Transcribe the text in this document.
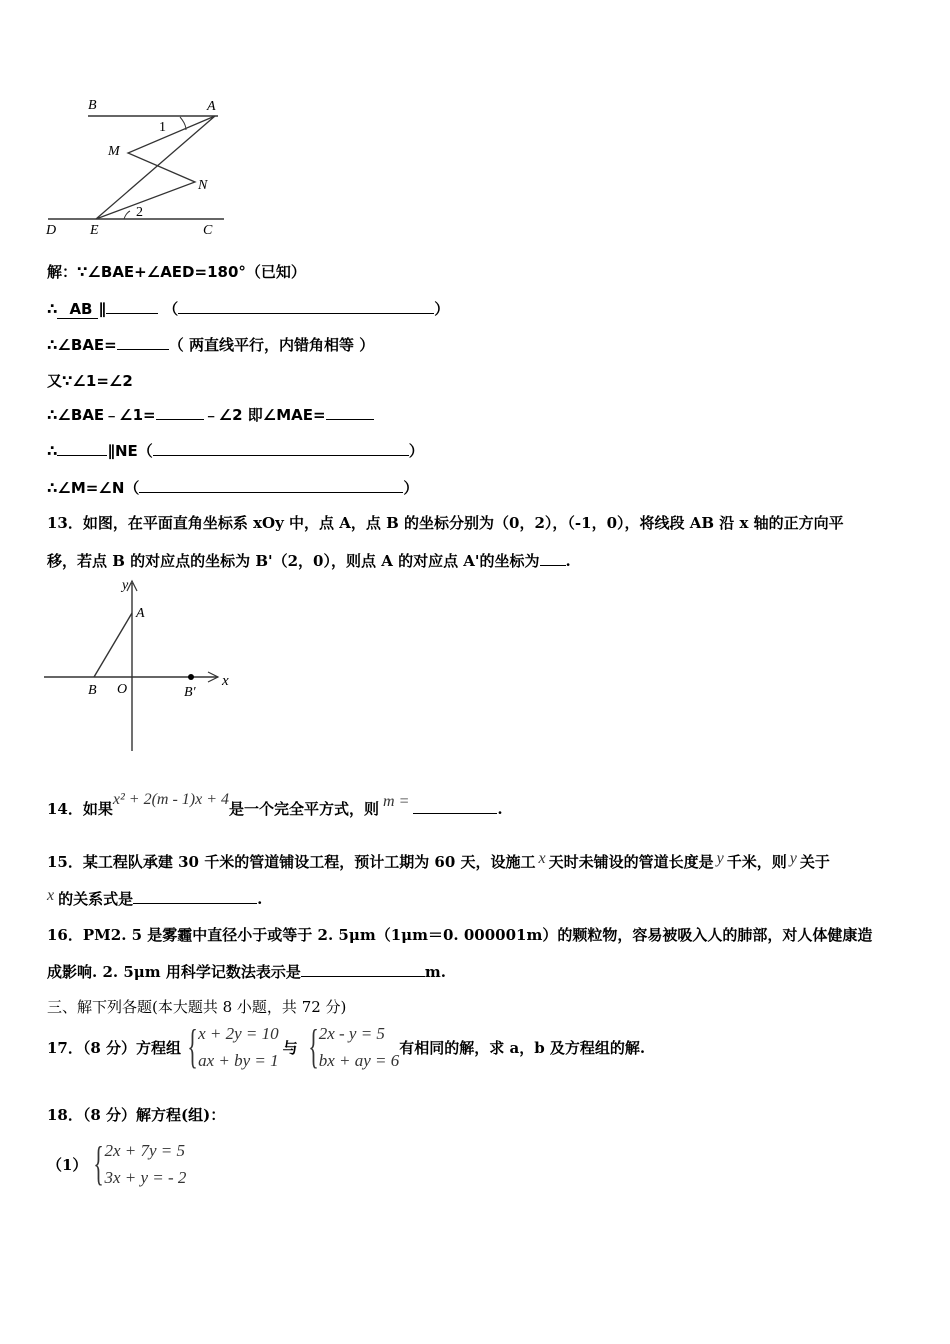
B	A
1
M
N
2
D E	C
解：∵∠BAE+∠AED=180°（已知）
∴ AB ∥	（	）
∴∠BAE=	（ 两直线平行，内错角相等 ）
又∵∠1=∠2
∴∠BAE﹣∠1=	﹣∠2 即∠MAE=
∴	∥NE（	）
∴∠M=∠N（	）
13．如图，在平面直角坐标系 xOy 中，点 A，点 B 的坐标分别为（0，2），（-1，0），将线段 AB 沿 x 轴的正方向平
移，若点 B 的对应点的坐标为 B'（2，0），则点 A 的对应点 A'的坐标为 .
y
x
A
B O	B′
14．如果x² + 2(m - 1)x + 4是一个完全平方式，则 m =	.
15．某工程队承建 30 千米的管道铺设工程，预计工期为 60 天，设施工 x 天时未铺设的管道长度是 y 千米，则 y 关于
x 的关系式是	.
16．PM2. 5 是雾霾中直径小于或等于 2. 5μm（1μm＝0. 000001m）的颗粒物，容易被吸入人的肺部，对人体健康造
成影响. 2. 5μm 用科学记数法表示是	m.
三、解下列各题(本大题共 8 小题，共 72 分)
17．（8 分）方程组 { x + 2y = 10
ax + by = 1
与 { 2x - y = 5
bx + ay = 6
有相同的解，求 a，b 及方程组的解.
18．（8 分）解方程(组)：
（1） { 2x + 7y = 5
3x + y = - 2
